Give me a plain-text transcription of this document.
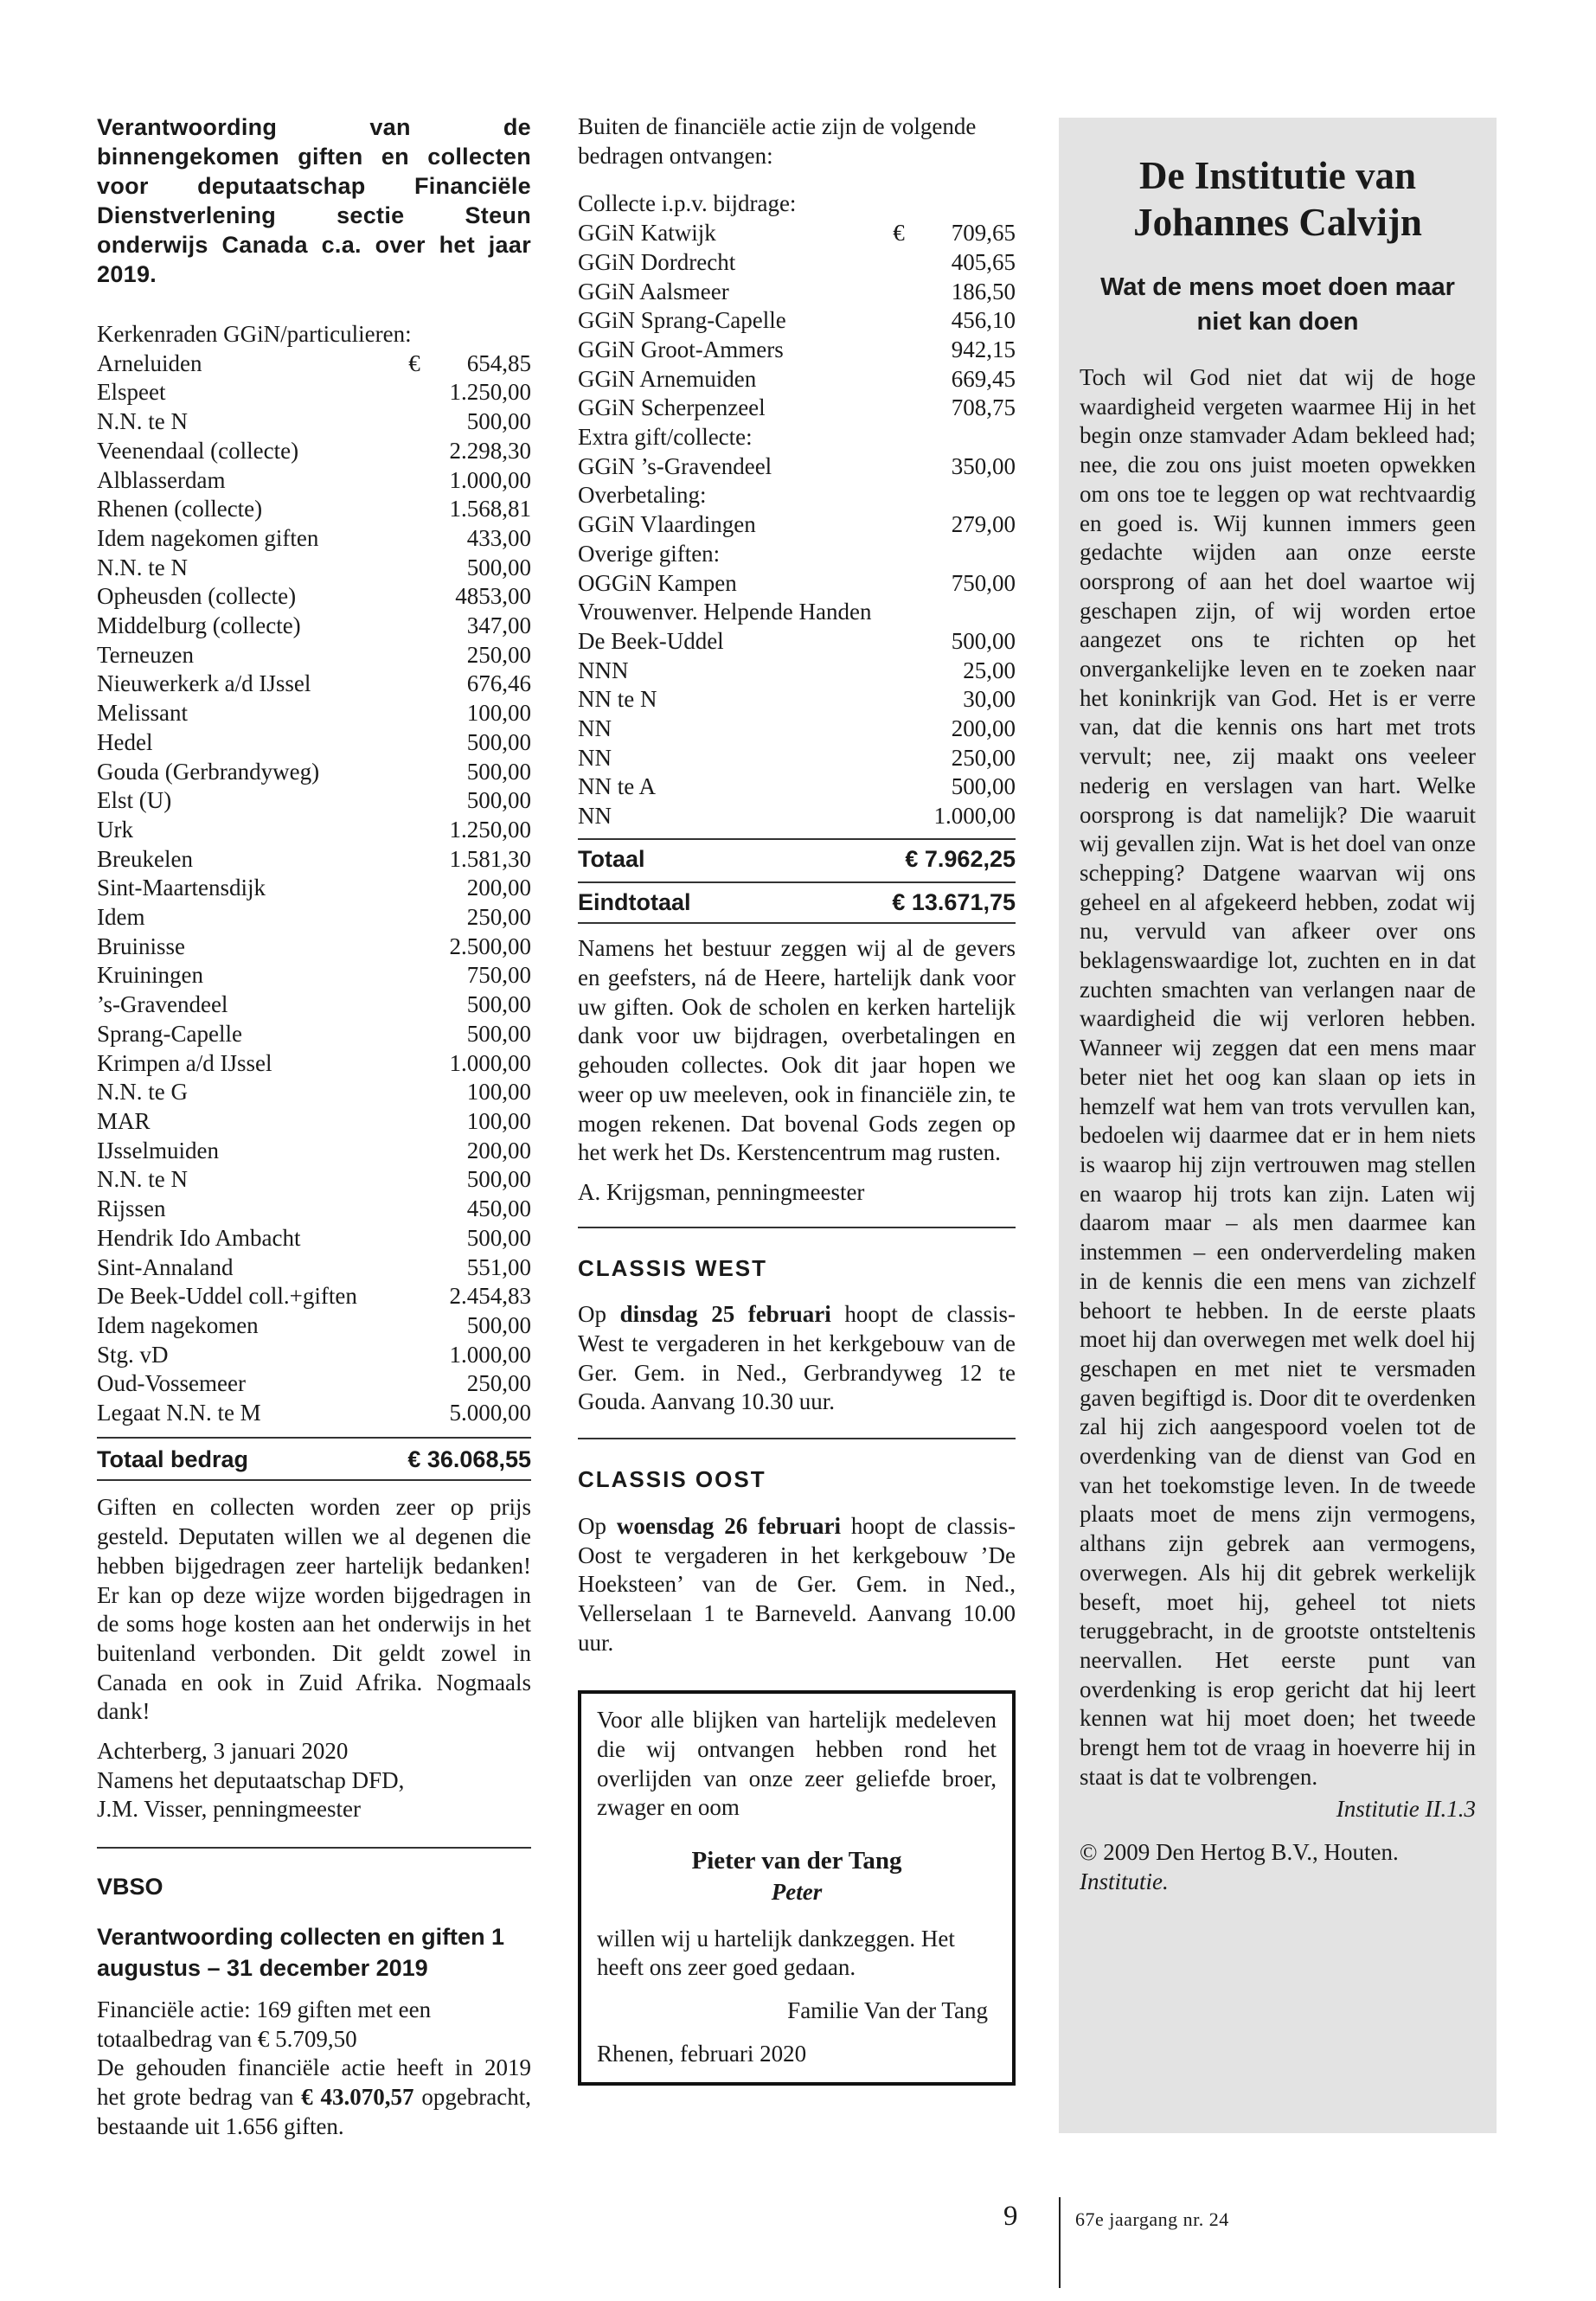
Verantwoording van de binnengekomen giften en collecten voor deputaatschap Financiële Dienstverlening sectie Steun onderwijs Canada c.a. over het jaar 2019.

Kerkenraden GGiN/particulieren:

Arneluiden	€ 654,85
Elspeet	1.250,00
N.N. te N	500,00
Veenendaal (collecte)	2.298,30
Alblasserdam	1.000,00
Rhenen (collecte)	1.568,81
Idem nagekomen giften	433,00
N.N. te N	500,00
Opheusden (collecte)	4853,00
Middelburg (collecte)	347,00
Terneuzen	250,00
Nieuwerkerk a/d IJssel	676,46
Melissant	100,00
Hedel	500,00
Gouda (Gerbrandyweg)	500,00
Elst (U)	500,00
Urk	1.250,00
Breukelen	1.581,30
Sint-Maartensdijk	200,00
Idem	250,00
Bruinisse	2.500,00
Kruiningen	750,00
’s-Gravendeel	500,00
Sprang-Capelle	500,00
Krimpen a/d IJssel	1.000,00
N.N. te G	100,00
MAR	100,00
IJsselmuiden	200,00
N.N. te N	500,00
Rijssen	450,00
Hendrik Ido Ambacht	500,00
Sint-Annaland	551,00
De Beek-Uddel coll.+giften	2.454,83
Idem nagekomen	500,00
Stg. vD	1.000,00
Oud-Vossemeer	250,00
Legaat N.N. te M	5.000,00
Totaal bedrag	€ 36.068,55

Giften en collecten worden zeer op prijs gesteld. Deputaten willen we al degenen die hebben bijgedragen zeer hartelijk bedanken! Er kan op deze wijze worden bijgedragen in de soms hoge kosten aan het onderwijs in het buitenland verbonden. Dit geldt zowel in Canada en ook in Zuid Afrika. Nogmaals dank!

Achterberg, 3 januari 2020

Namens het deputaatschap DFD,

J.M. Visser, penningmeester

VBSO

Verantwoording collecten en giften 1 augustus – 31 december 2019

Financiële actie: 169 giften met een totaalbedrag van € 5.709,50

De gehouden financiële actie heeft in 2019 het grote bedrag van € 43.070,57 opgebracht, bestaande uit 1.656 giften.

Buiten de financiële actie zijn de volgende bedragen ontvangen:

Collecte i.p.v. bijdrage:
GGiN Katwijk	€ 709,65
GGiN Dordrecht	405,65
GGiN Aalsmeer	186,50
GGiN Sprang-Capelle	456,10
GGiN Groot-Ammers	942,15
GGiN Arnemuiden	669,45
GGiN Scherpenzeel	708,75
Extra gift/collecte:
GGiN ’s-Gravendeel	350,00
Overbetaling:
GGiN Vlaardingen	279,00
Overige giften:
OGGiN Kampen	750,00
Vrouwenver. Helpende Handen
De Beek-Uddel	500,00
NNN	25,00
NN te N	30,00
NN	200,00
NN	250,00
NN te A	500,00
NN	1.000,00
Totaal	€ 7.962,25
Eindtotaal	€ 13.671,75

Namens het bestuur zeggen wij al de gevers en geefsters, ná de Heere, hartelijk dank voor uw giften. Ook de scholen en kerken hartelijk dank voor uw bijdragen, overbetalingen en gehouden collectes. Ook dit jaar hopen we weer op uw meeleven, ook in financiële zin, te mogen rekenen. Dat bovenal Gods zegen op het werk het Ds. Kerstencentrum mag rusten.

A. Krijgsman, penningmeester

CLASSIS WEST

Op dinsdag 25 februari hoopt de classis-West te vergaderen in het kerkgebouw van de Ger. Gem. in Ned., Gerbrandyweg 12 te Gouda. Aanvang 10.30 uur.

CLASSIS OOST

Op woensdag 26 februari hoopt de classis-Oost te vergaderen in het kerkgebouw ’De Hoeksteen’ van de Ger. Gem. in Ned., Vellerselaan 1 te Barneveld. Aanvang 10.00 uur.

Voor alle blijken van hartelijk medeleven die wij ontvangen hebben rond het overlijden van onze zeer geliefde broer, zwager en oom

Pieter van der Tang

Peter

willen wij u hartelijk dankzeggen. Het heeft ons zeer goed gedaan.

Familie Van der Tang

Rhenen, februari 2020

De Institutie van Johannes Calvijn

Wat de mens moet doen maar niet kan doen

Toch wil God niet dat wij de hoge waardigheid vergeten waarmee Hij in het begin onze stamvader Adam bekleed had; nee, die zou ons juist moeten opwekken om ons toe te leggen op wat rechtvaardig en goed is. Wij kunnen immers geen gedachte wijden aan onze eerste oorsprong of aan het doel waartoe wij geschapen zijn, of wij worden ertoe aangezet ons te richten op het onvergankelijke leven en te zoeken naar het koninkrijk van God. Het is er verre van, dat die kennis ons hart met trots vervult; nee, zij maakt ons veeleer nederig en verslagen van hart. Welke oorsprong is dat namelijk? Die waaruit wij gevallen zijn. Wat is het doel van onze schepping? Datgene waarvan wij ons geheel en al afgekeerd hebben, zodat wij nu, vervuld van afkeer over ons beklagenswaardige lot, zuchten en in dat zuchten smachten van verlangen naar de waardigheid die wij verloren hebben. Wanneer wij zeggen dat een mens maar beter niet het oog kan slaan op iets in hemzelf wat hem van trots vervullen kan, bedoelen wij daarmee dat er in hem niets is waarop hij zijn vertrouwen mag stellen en waarop hij trots kan zijn. Laten wij daarom maar – als men daarmee kan instemmen – een onderverdeling maken in de kennis die een mens van zichzelf behoort te hebben. In de eerste plaats moet hij dan overwegen met welk doel hij geschapen en met niet te versmaden gaven begiftigd is. Door dit te overdenken zal hij zich aangespoord voelen tot de overdenking van de dienst van God en van het toekomstige leven. In de tweede plaats moet de mens zijn vermogens, althans zijn gebrek aan vermogens, overwegen. Als hij dit gebrek werkelijk beseft, moet hij, geheel tot niets teruggebracht, in de grootste ontsteltenis neervallen. Het eerste punt van overdenking is erop gericht dat hij leert kennen wat hij moet doen; het tweede brengt hem tot de vraag in hoeverre hij in staat is dat te volbrengen.

Institutie II.1.3

© 2009 Den Hertog B.V., Houten.

Institutie.

9	67e jaargang nr. 24
